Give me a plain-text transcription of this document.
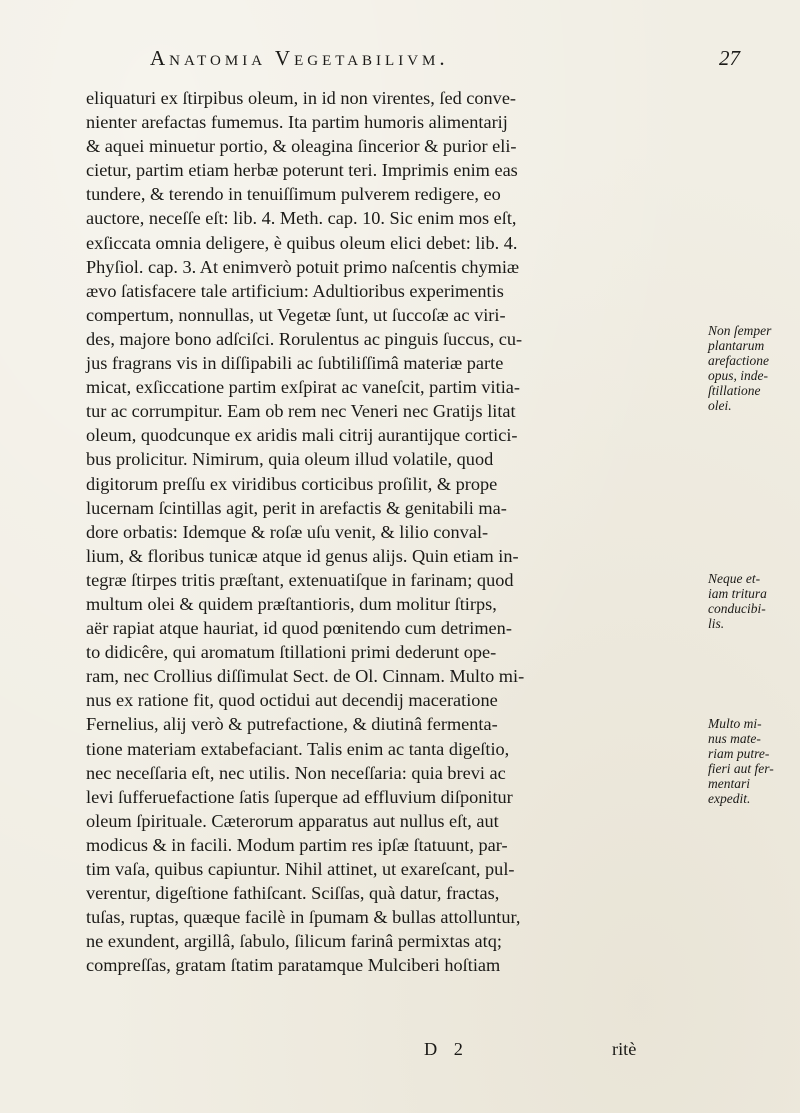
Anatomia Vegetabilivm.	27
eliquaturi ex ſtirpibus oleum, in id non virentes, ſed conve-
nienter arefactas fumemus. Ita partim humoris alimentarij
& aquei minuetur portio, & oleagina ſincerior & purior eli-
cietur, partim etiam herbæ poterunt teri. Imprimis enim eas
tundere, & terendo in tenuiſſimum pulverem redigere, eo
auctore, neceſſe eſt: lib. 4. Meth. cap. 10. Sic enim mos eſt,
exſiccata omnia deligere, è quibus oleum elici debet: lib. 4.
Phyſiol. cap. 3. At enimverò potuit primo naſcentis chymiæ
ævo ſatisfacere tale artificium: Adultioribus experimentis
compertum, nonnullas, ut Vegetæ ſunt, ut ſuccoſæ ac viri-
des, majore bono adſciſci. Rorulentus ac pinguis ſuccus, cu-
jus fragrans vis in diſſipabili ac ſubtiliſſimâ materiæ parte
micat, exſiccatione partim exſpirat ac vaneſcit, partim vitia-
tur ac corrumpitur. Eam ob rem nec Veneri nec Gratijs litat
oleum, quodcunque ex aridis mali citrij aurantijque cortici-
bus prolicitur. Nimirum, quia oleum illud volatile, quod
digitorum preſſu ex viridibus corticibus proſilit, & prope
lucernam ſcintillas agit, perit in arefactis & genitabili ma-
dore orbatis: Idemque & roſæ uſu venit, & lilio conval-
lium, & floribus tunicæ atque id genus alijs. Quin etiam in-
tegræ ſtirpes tritis præſtant, extenuatiſque in farinam; quod
multum olei & quidem præſtantioris, dum molitur ſtirps,
aër rapiat atque hauriat, id quod pœnitendo cum detrimen-
to didicêre, qui aromatum ſtillationi primi dederunt ope-
ram, nec Crollius diſſimulat Sect. de Ol. Cinnam. Multo mi-
nus ex ratione fit, quod octidui aut decendij maceratione
Fernelius, alij verò & putrefactione, & diutinâ fermenta-
tione materiam extabefaciant. Talis enim ac tanta digeſtio,
nec neceſſaria eſt, nec utilis. Non neceſſaria: quia brevi ac
levi ſufferuefactione ſatis ſuperque ad effluvium diſponitur
oleum ſpirituale. Cæterorum apparatus aut nullus eſt, aut
modicus & in facili. Modum partim res ipſæ ſtatuunt, par-
tim vaſa, quibus capiuntur. Nihil attinet, ut exareſcant, pul-
verentur, digeſtione fathiſcant. Sciſſas, quà datur, fractas,
tuſas, ruptas, quæque facilè in ſpumam & bullas attolluntur,
ne exundent, argillâ, ſabulo, ſilicum farinâ permixtas atq;
compreſſas, gratam ſtatim paratamque Mulciberi hoſtiam
Non ſemper
plantarum
arefactione
opus, inde-
ſtillatione
olei.
Neque et-
iam tritura
conducibi-
lis.
Multo mi-
nus mate-
riam putre-
fieri aut fer-
mentari
expedit.
D 2	ritè
